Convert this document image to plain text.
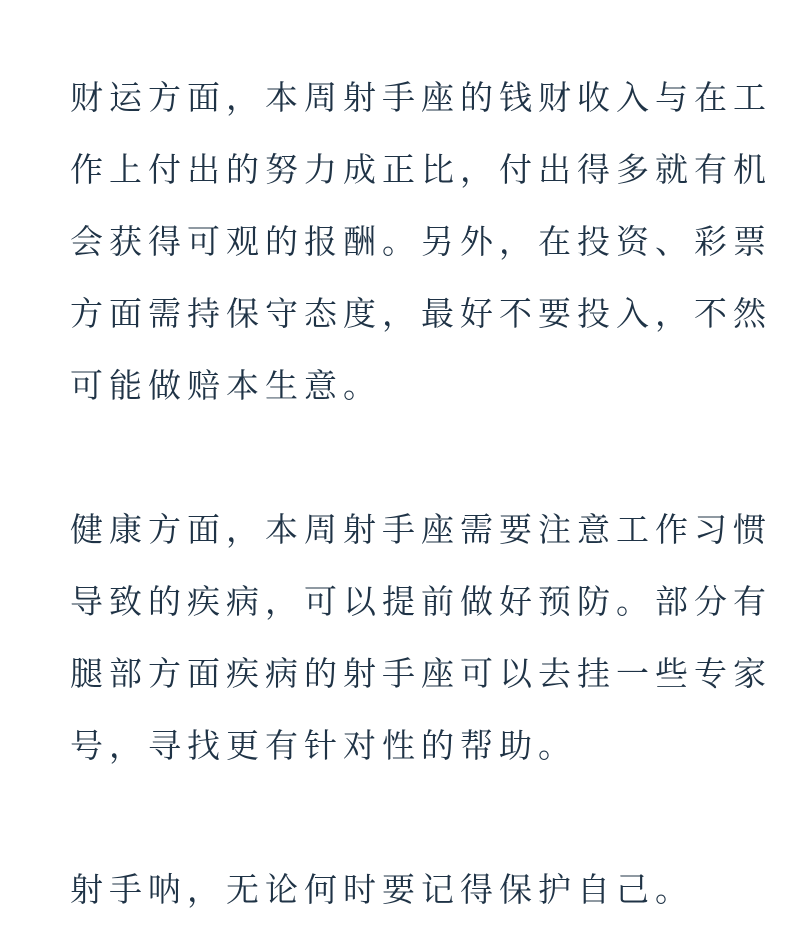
财运方面，本周射手座的钱财收入与在工
作上付出的努力成正比，付出得多就有机
会获得可观的报酬。另外，在投资、彩票
方面需持保守态度，最好不要投入，不然
可能做赔本生意。

健康方面，本周射手座需要注意工作习惯
导致的疾病，可以提前做好预防。部分有
腿部方面疾病的射手座可以去挂一些专家
号，寻找更有针对性的帮助。

射手呐，无论何时要记得保护自己。
